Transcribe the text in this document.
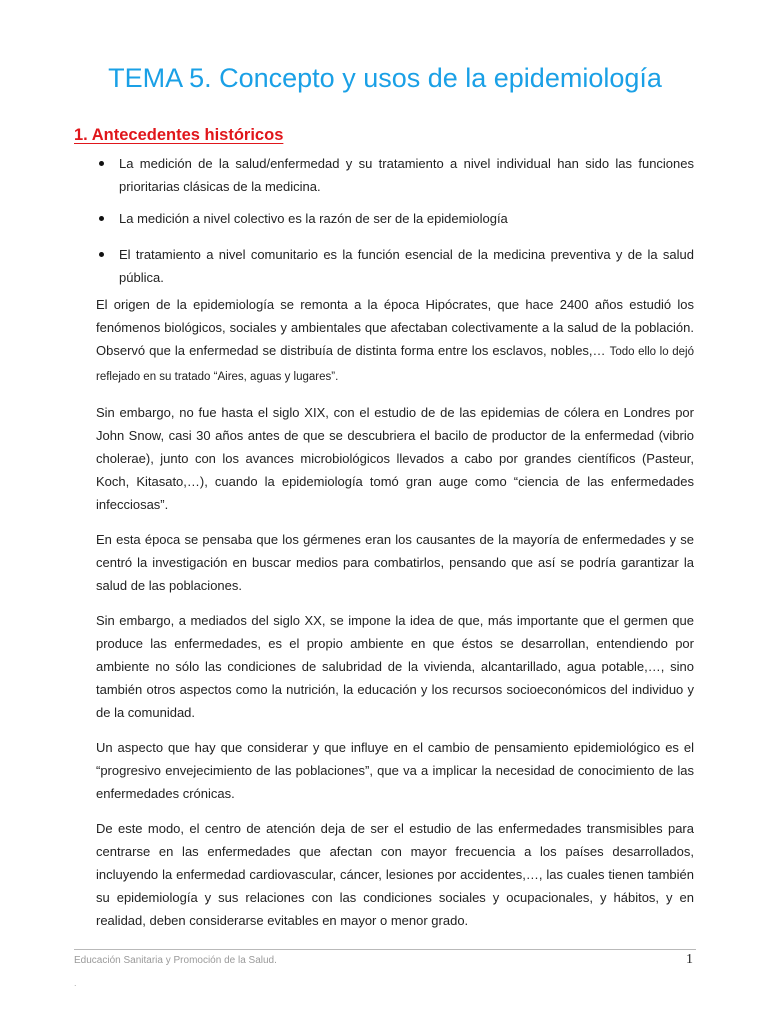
TEMA 5. Concepto y usos de la epidemiología
1. Antecedentes históricos
La medición de la salud/enfermedad y su tratamiento a nivel individual han sido las funciones prioritarias clásicas de la medicina.
La medición a nivel colectivo es la razón de ser de la epidemiología
El tratamiento a nivel comunitario es la función esencial de la medicina preventiva y de la salud pública.

El origen de la epidemiología se remonta a la época Hipócrates, que hace 2400 años estudió los fenómenos biológicos, sociales y ambientales que afectaban colectivamente a la salud de la población. Observó que la enfermedad se distribuía de distinta forma entre los esclavos, nobles,… Todo ello lo dejó reflejado en su tratado “Aires, aguas y lugares”.

Sin embargo, no fue hasta el siglo XIX, con el estudio de de las epidemias de cólera en Londres por John Snow, casi 30 años antes de que se descubriera el bacilo de productor de la enfermedad (vibrio cholerae), junto con los avances microbiológicos llevados a cabo por grandes científicos (Pasteur, Koch, Kitasato,…), cuando la epidemiología tomó gran auge como “ciencia de las enfermedades infecciosas”.

En esta época se pensaba que los gérmenes eran los causantes de la mayoría de enfermedades y se centró la investigación en buscar medios para combatirlos, pensando que así se podría garantizar la salud de las poblaciones.

Sin embargo, a mediados del siglo XX, se impone la idea de que, más importante que el germen que produce las enfermedades, es el propio ambiente en que éstos se desarrollan, entendiendo por ambiente no sólo las condiciones de salubridad de la vivienda, alcantarillado, agua potable,…, sino también otros aspectos como la nutrición, la educación y los recursos socioeconómicos del individuo y de la comunidad.

Un aspecto que hay que considerar y que influye en el cambio de pensamiento epidemiológico es el “progresivo envejecimiento de las poblaciones”, que va a implicar la necesidad de conocimiento de las enfermedades crónicas.

De este modo, el centro de atención deja de ser el estudio de las enfermedades transmisibles para centrarse en las enfermedades que afectan con mayor frecuencia a los países desarrollados, incluyendo la enfermedad cardiovascular, cáncer, lesiones por accidentes,…, las cuales tienen también su epidemiología y sus relaciones con las condiciones sociales y ocupacionales, y hábitos, y en realidad, deben considerarse evitables en mayor o menor grado.

Educación Sanitaria y Promoción de la Salud.	1
.
